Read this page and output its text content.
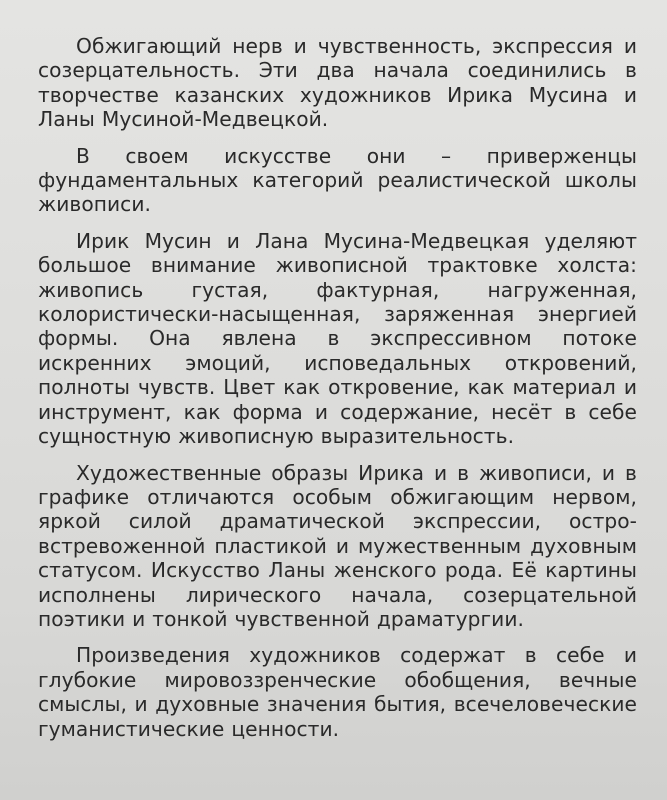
Обжигающий нерв и чувственность, экспрессия и созерцательность. Эти два начала соединились в творчестве казанских художников Ирика Мусина и Ланы Мусиной-Медвецкой.

В своем искусстве они – приверженцы фундаментальных категорий реалистической школы живописи.

Ирик Мусин и Лана Мусина-Медвецкая уделяют большое внимание живописной трактовке холста: живопись густая, фактурная, нагруженная, колористически-насыщенная, заряженная энергией формы. Она явлена в экспрессивном потоке искренних эмоций, исповедальных откровений, полноты чувств. Цвет как откровение, как материал и инструмент, как форма и содержание, несёт в себе сущностную живописную выразительность.

Художественные образы Ирика и в живописи, и в графике отличаются особым обжигающим нервом, яркой силой драматической экспрессии, остро-встревоженной пластикой и мужественным духовным статусом. Искусство Ланы женского рода. Её картины исполнены лирического начала, созерцательной поэтики и тонкой чувственной драматургии.

Произведения художников содержат в себе и глубокие мировоззренческие обобщения, вечные смыслы, и духовные значения бытия, всечеловеческие гуманистические ценности.
